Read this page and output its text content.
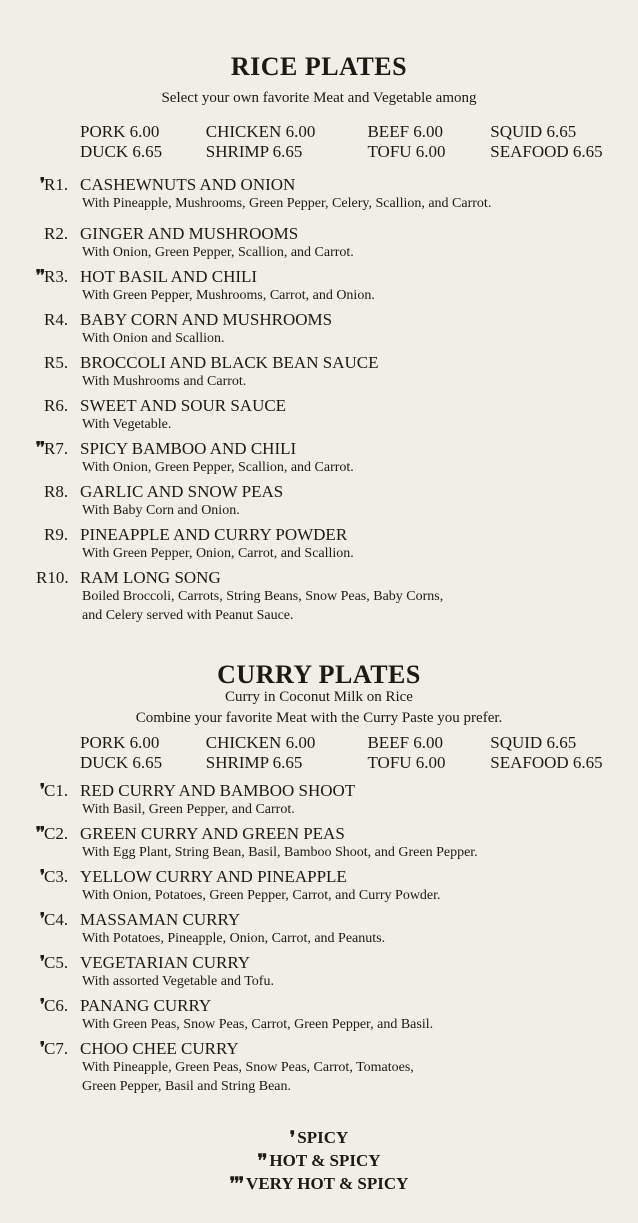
RICE PLATES
Select your own favorite Meat and Vegetable among
PORK 6.00	CHICKEN 6.00	BEEF 6.00	SQUID 6.65
DUCK 6.65	SHRIMP 6.65	TOFU 6.00	SEAFOOD 6.65
❜ R1. CASHEWNUTS AND ONION
With Pineapple, Mushrooms, Green Pepper, Celery, Scallion, and Carrot.
R2. GINGER AND MUSHROOMS
With Onion, Green Pepper, Scallion, and Carrot.
❜❜ R3. HOT BASIL AND CHILI
With Green Pepper, Mushrooms, Carrot, and Onion.
R4. BABY CORN AND MUSHROOMS
With Onion and Scallion.
R5. BROCCOLI AND BLACK BEAN SAUCE
With Mushrooms and Carrot.
R6. SWEET AND SOUR SAUCE
With Vegetable.
❜❜ R7. SPICY BAMBOO AND CHILI
With Onion, Green Pepper, Scallion, and Carrot.
R8. GARLIC AND SNOW PEAS
With Baby Corn and Onion.
R9. PINEAPPLE AND CURRY POWDER
With Green Pepper, Onion, Carrot, and Scallion.
R10. RAM LONG SONG
Boiled Broccoli, Carrots, String Beans, Snow Peas, Baby Corns,
and Celery served with Peanut Sauce.
CURRY PLATES
Curry in Coconut Milk on Rice
Combine your favorite Meat with the Curry Paste you prefer.
PORK 6.00	CHICKEN 6.00	BEEF 6.00	SQUID 6.65
DUCK 6.65	SHRIMP 6.65	TOFU 6.00	SEAFOOD 6.65
❜ C1. RED CURRY AND BAMBOO SHOOT
With Basil, Green Pepper, and Carrot.
❜❜ C2. GREEN CURRY AND GREEN PEAS
With Egg Plant, String Bean, Basil, Bamboo Shoot, and Green Pepper.
❜ C3. YELLOW CURRY AND PINEAPPLE
With Onion, Potatoes, Green Pepper, Carrot, and Curry Powder.
❜ C4. MASSAMAN CURRY
With Potatoes, Pineapple, Onion, Carrot, and Peanuts.
❜ C5. VEGETARIAN CURRY
With assorted Vegetable and Tofu.
❜ C6. PANANG CURRY
With Green Peas, Snow Peas, Carrot, Green Pepper, and Basil.
❜ C7. CHOO CHEE CURRY
With Pineapple, Green Peas, Snow Peas, Carrot, Tomatoes,
Green Pepper, Basil and String Bean.
❜ SPICY
❜❜ HOT & SPICY
❜❜❜ VERY HOT & SPICY
